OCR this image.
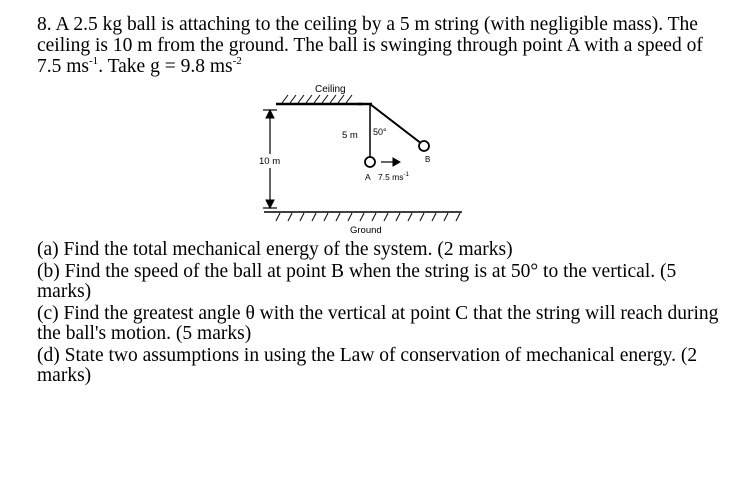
8. A 2.5 kg ball is attaching to the ceiling by a 5 m string (with negligible mass). The

ceiling is 10 m from the ground. The ball is swinging through point A with a speed of

7.5 $ms^{-1}$. Take g = 9.8 $ms^{-2}$

Ceiling
10 m
5 m 50°
B
A 7.5 $ms^{-1}$
Ground

(a) Find the total mechanical energy of the system. (2 marks)

(b) Find the speed of the ball at point B when the string is at 50° to the vertical. (5 marks)

(c) Find the greatest angle θ with the vertical at point C that the string will reach during the ball's motion. (5 marks)

(d) State two assumptions in using the Law of conservation of mechanical energy. (2 marks)
